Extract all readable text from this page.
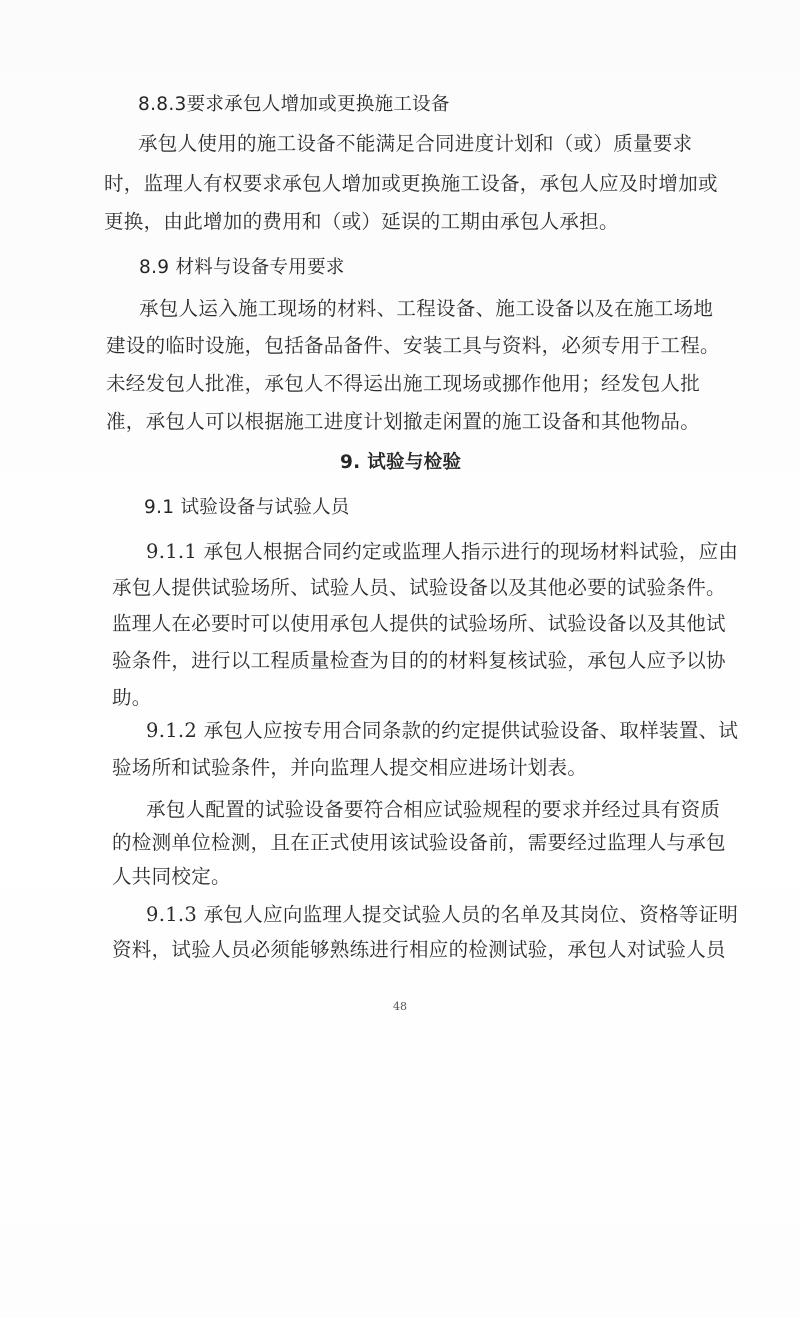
8.8.3要求承包人增加或更换施工设备
承包人使用的施工设备不能满足合同进度计划和（或）质量要求
时，监理人有权要求承包人增加或更换施工设备，承包人应及时增加或
更换，由此增加的费用和（或）延误的工期由承包人承担。
8.9 材料与设备专用要求
承包人运入施工现场的材料、工程设备、施工设备以及在施工场地
建设的临时设施，包括备品备件、安装工具与资料，必须专用于工程。
未经发包人批准，承包人不得运出施工现场或挪作他用；经发包人批
准，承包人可以根据施工进度计划撤走闲置的施工设备和其他物品。
9. 试验与检验
9.1 试验设备与试验人员
9.1.1 承包人根据合同约定或监理人指示进行的现场材料试验，应由
承包人提供试验场所、试验人员、试验设备以及其他必要的试验条件。
监理人在必要时可以使用承包人提供的试验场所、试验设备以及其他试
验条件，进行以工程质量检查为目的的材料复核试验，承包人应予以协
助。
9.1.2 承包人应按专用合同条款的约定提供试验设备、取样装置、试
验场所和试验条件，并向监理人提交相应进场计划表。
承包人配置的试验设备要符合相应试验规程的要求并经过具有资质
的检测单位检测，且在正式使用该试验设备前，需要经过监理人与承包
人共同校定。
9.1.3 承包人应向监理人提交试验人员的名单及其岗位、资格等证明
资料，试验人员必须能够熟练进行相应的检测试验，承包人对试验人员
48
